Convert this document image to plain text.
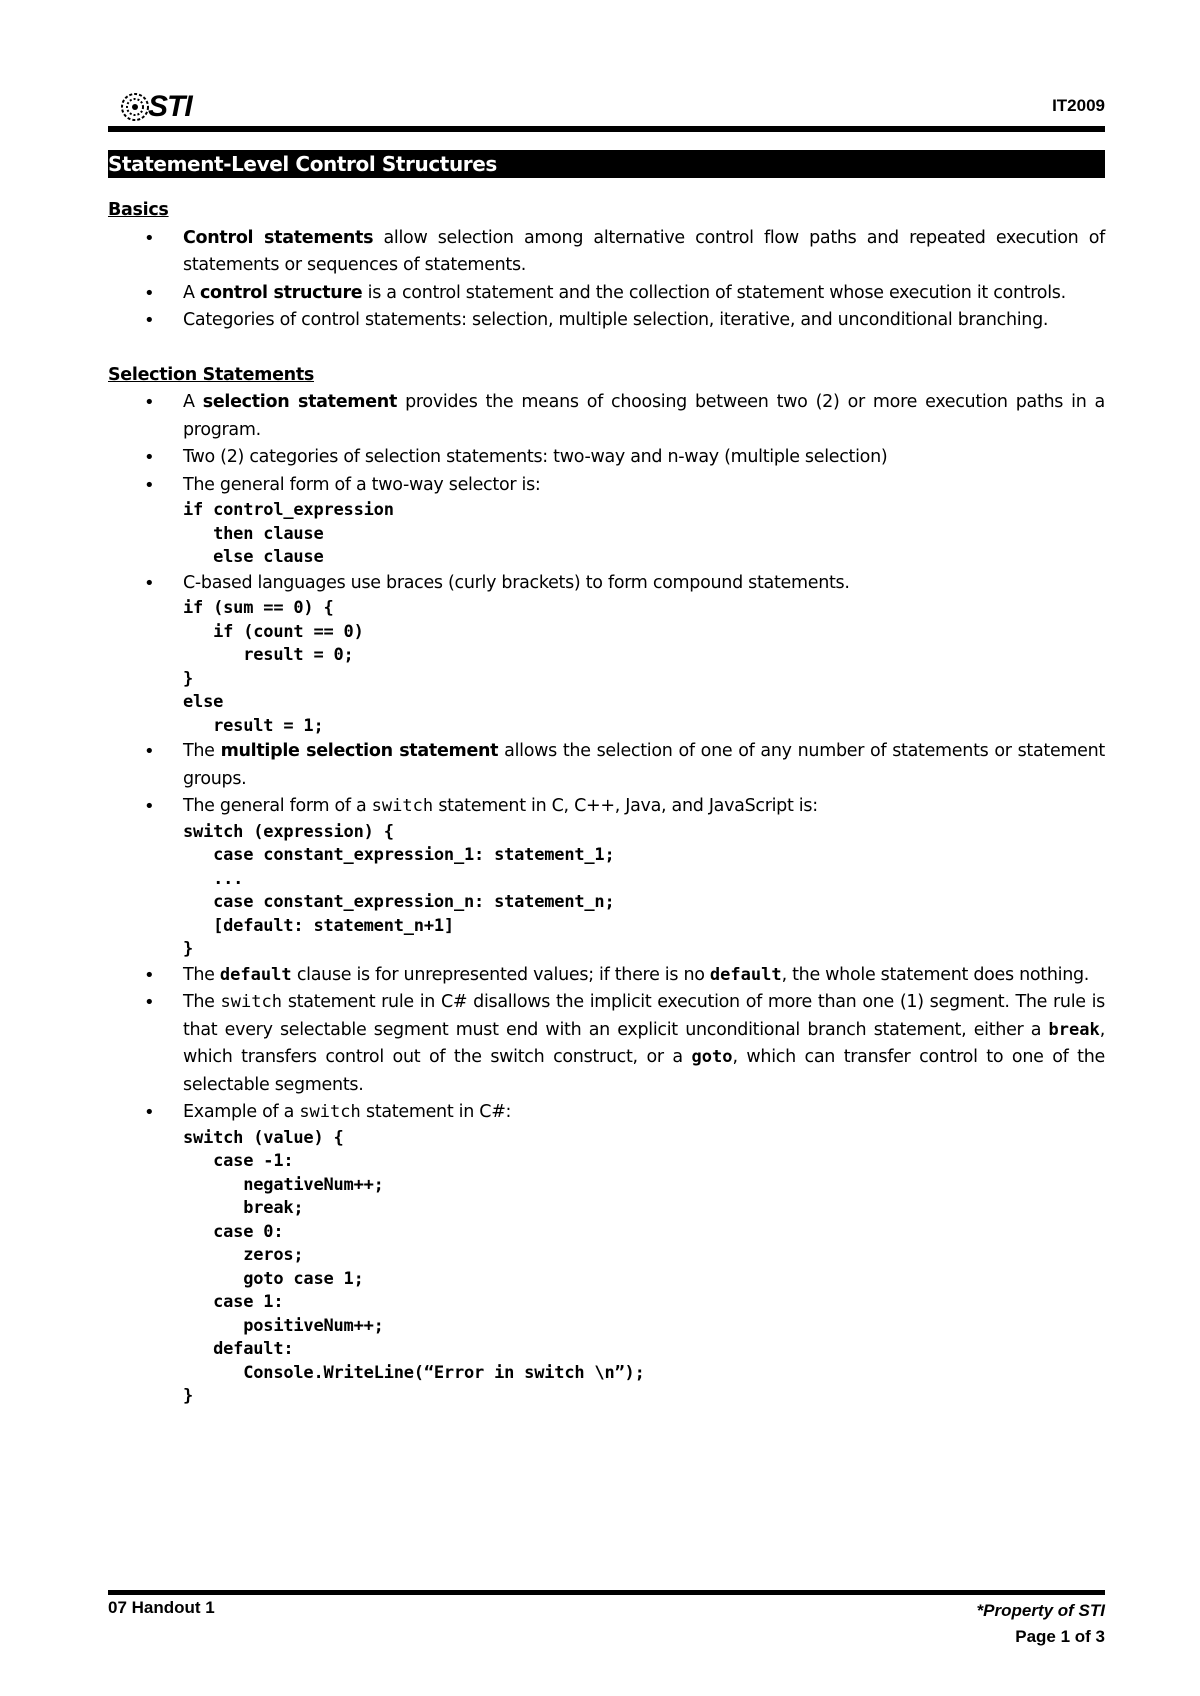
STI	IT2009
Statement-Level Control Structures

Basics

• Control statements allow selection among alternative control flow paths and repeated execution of statements or sequences of statements.
• A control structure is a control statement and the collection of statement whose execution it controls.
• Categories of control statements: selection, multiple selection, iterative, and unconditional branching.

Selection Statements

• A selection statement provides the means of choosing between two (2) or more execution paths in a program.
• Two (2) categories of selection statements: two-way and n-way (multiple selection)
• The general form of a two-way selector is:
if control_expression
then clause
else clause
• C-based languages use braces (curly brackets) to form compound statements.
if (sum == 0) {
if (count == 0)
result = 0;
}
else
result = 1;
• The multiple selection statement allows the selection of one of any number of statements or statement groups.
• The general form of a switch statement in C, C++, Java, and JavaScript is:
switch (expression) {
case constant_expression_1: statement_1;
...
case constant_expression_n: statement_n;
[default: statement_n+1]
}
• The default clause is for unrepresented values; if there is no default, the whole statement does nothing.
• The switch statement rule in C# disallows the implicit execution of more than one (1) segment. The rule is that every selectable segment must end with an explicit unconditional branch statement, either a break, which transfers control out of the switch construct, or a goto, which can transfer control to one of the selectable segments.
• Example of a switch statement in C#:
switch (value) {
case -1:
negativeNum++;
break;
case 0:
zeros;
goto case 1;
case 1:
positiveNum++;
default:
Console.WriteLine(“Error in switch \n”);
}
07 Handout 1	*Property of STI
Page 1 of 3
